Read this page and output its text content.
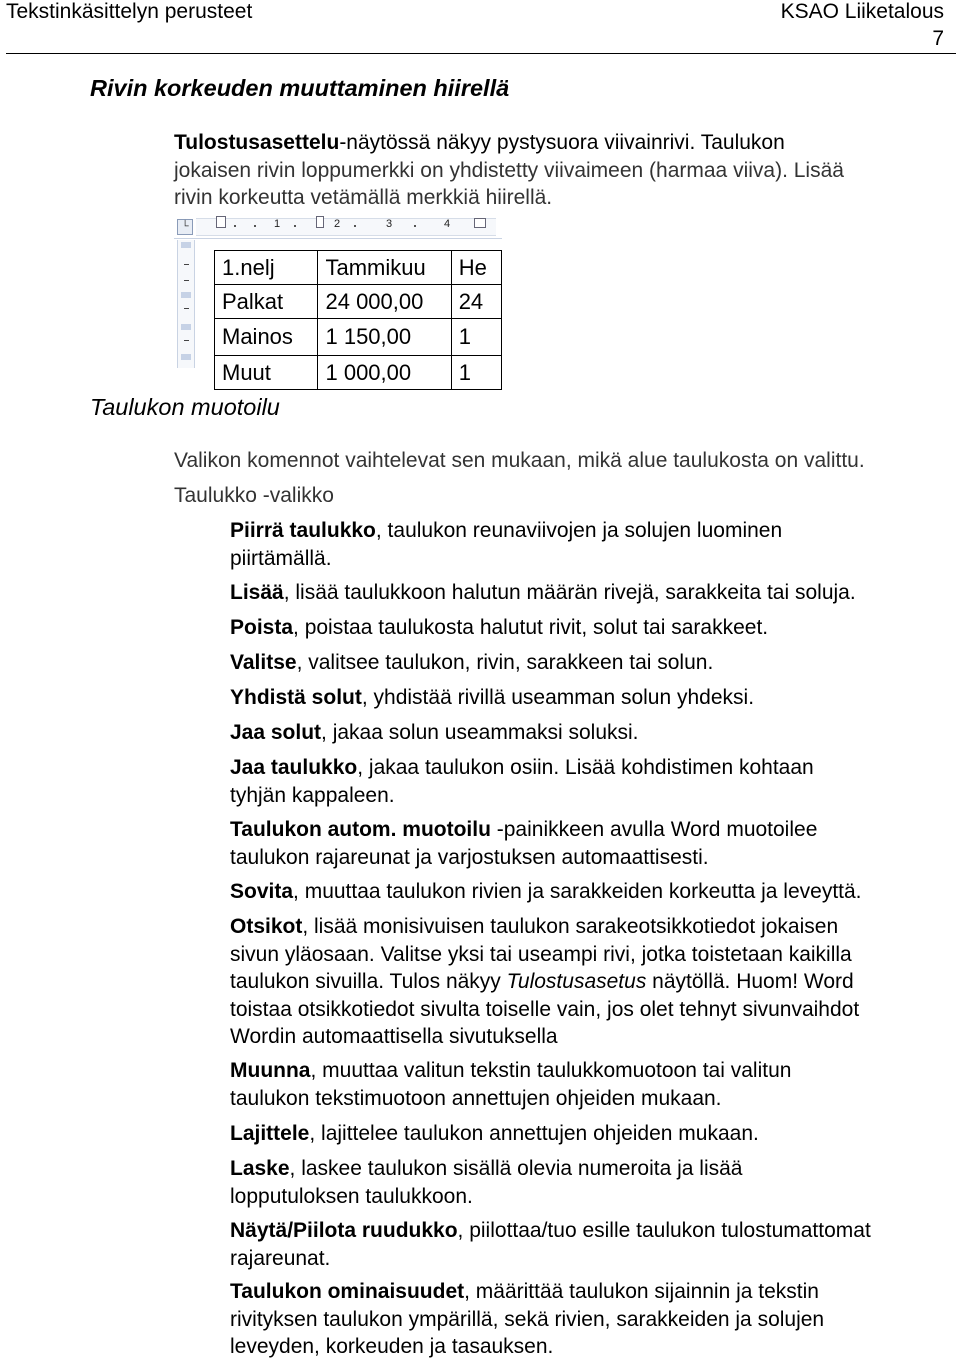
Tekstinkäsittelyn perusteet	KSAO Liiketalous
7
Rivin korkeuden muuttaminen hiirellä
Tulostusasettelu-näytössä näkyy pystysuora viivainrivi. Taulukon
jokaisen rivin loppumerkki on yhdistetty viivaimeen (harmaa viiva). Lisää
rivin korkeutta vetämällä merkkiä hiirellä.
└	1	2	3	4
1.nelj	Tammikuu	He
Palkat	24 000,00	24
Mainos	1 150,00	1
Muut	1 000,00	1
Taulukon muotoilu
Valikon komennot vaihtelevat sen mukaan, mikä alue taulukosta on valittu.
Taulukko -valikko
Piirrä taulukko, taulukon reunaviivojen ja solujen luominen
piirtämällä.
Lisää, lisää taulukkoon halutun määrän rivejä, sarakkeita tai soluja.
Poista, poistaa taulukosta halutut rivit, solut tai sarakkeet.
Valitse, valitsee taulukon, rivin, sarakkeen tai solun.
Yhdistä solut, yhdistää rivillä useamman solun yhdeksi.
Jaa solut, jakaa solun useammaksi soluksi.
Jaa taulukko, jakaa taulukon osiin. Lisää kohdistimen kohtaan
tyhjän kappaleen.
Taulukon autom. muotoilu -painikkeen avulla Word muotoilee
taulukon rajareunat ja varjostuksen automaattisesti.
Sovita, muuttaa taulukon rivien ja sarakkeiden korkeutta ja leveyttä.
Otsikot, lisää monisivuisen taulukon sarakeotsikkotiedot jokaisen
sivun yläosaan. Valitse yksi tai useampi rivi, jotka toistetaan kaikilla
taulukon sivuilla. Tulos näkyy Tulostusasetus näytöllä. Huom! Word
toistaa otsikkotiedot sivulta toiselle vain, jos olet tehnyt sivunvaihdot
Wordin automaattisella sivutuksella
Muunna, muuttaa valitun tekstin taulukkomuotoon tai valitun
taulukon tekstimuotoon annettujen ohjeiden mukaan.
Lajittele, lajittelee taulukon annettujen ohjeiden mukaan.
Laske, laskee taulukon sisällä olevia numeroita ja lisää
lopputuloksen taulukkoon.
Näytä/Piilota ruudukko, piilottaa/tuo esille taulukon tulostumattomat
rajareunat.
Taulukon ominaisuudet, määrittää taulukon sijainnin ja tekstin
rivityksen taulukon ympärillä, sekä rivien, sarakkeiden ja solujen
leveyden, korkeuden ja tasauksen.
